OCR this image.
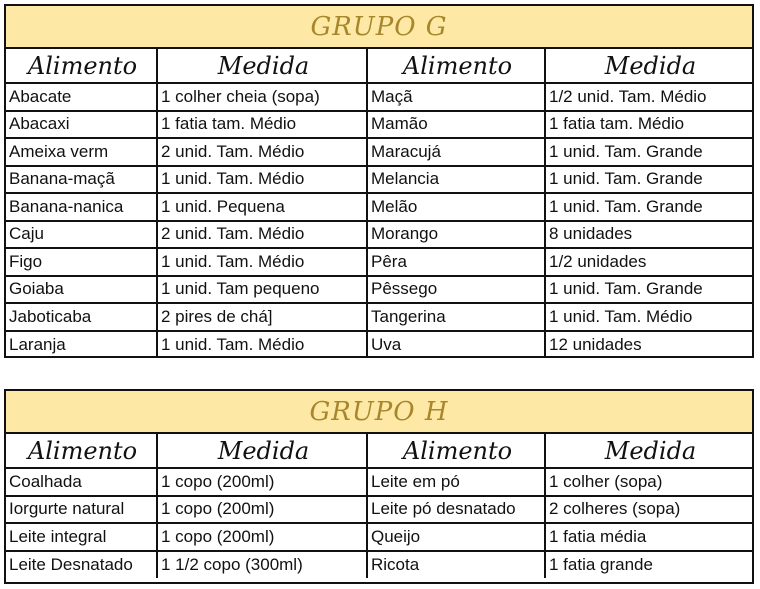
GRUPO G
Alimento	Medida	Alimento	Medida
Abacate	1 colher cheia (sopa)	Maçã	1/2 unid. Tam. Médio
Abacaxi	1 fatia tam. Médio	Mamão	1 fatia tam. Médio
Ameixa verm	2 unid. Tam. Médio	Maracujá	1 unid. Tam. Grande
Banana-maçã	1 unid. Tam. Médio	Melancia	1 unid. Tam. Grande
Banana-nanica	1 unid. Pequena	Melão	1 unid. Tam. Grande
Caju	2 unid. Tam. Médio	Morango	8 unidades
Figo	1 unid. Tam. Médio	Pêra	1/2 unidades
Goiaba	1 unid. Tam pequeno	Pêssego	1 unid. Tam. Grande
Jaboticaba	2 pires de chá]	Tangerina	1 unid. Tam. Médio
Laranja	1 unid. Tam. Médio	Uva	12 unidades
GRUPO H
Alimento	Medida	Alimento	Medida
Coalhada	1 copo (200ml)	Leite em pó	1 colher (sopa)
Iorgurte natural	1 copo (200ml)	Leite pó desnatado	2 colheres (sopa)
Leite integral	1 copo (200ml)	Queijo	1 fatia média
Leite Desnatado	1 1/2 copo (300ml)	Ricota	1 fatia grande
